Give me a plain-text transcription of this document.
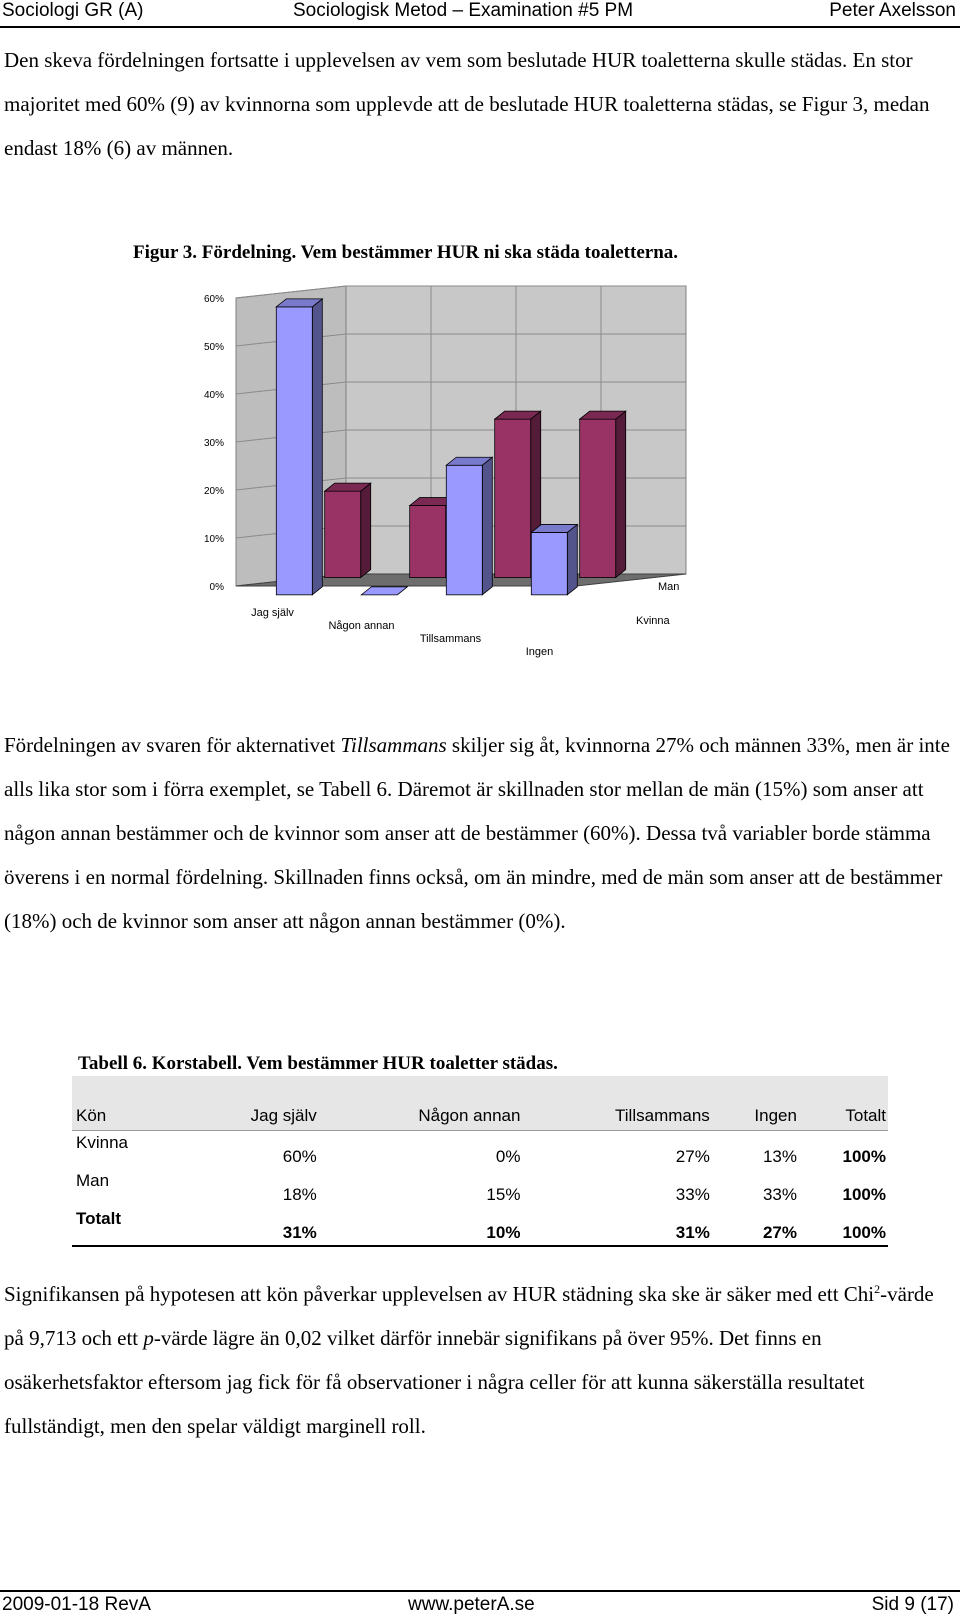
Sociologi GR (A)	Sociologisk Metod – Examination #5 PM	Peter Axelsson

Den skeva fördelningen fortsatte i upplevelsen av vem som beslutade HUR toaletterna skulle städas. En stor majoritet med 60% (9) av kvinnorna som upplevde att de beslutade HUR toaletterna städas, se Figur 3, medan endast 18% (6) av männen.

Figur 3. Fördelning. Vem bestämmer HUR ni ska städa toaletterna.
0%
10%
20%
30%
40%
50%
60%
Jag själv
Någon annan
Tillsammans
Ingen
Kvinna
Man

Fördelningen av svaren för akternativet Tillsammans skiljer sig åt, kvinnorna 27% och männen 33%, men är inte alls lika stor som i förra exemplet, se Tabell 6. Däremot är skillnaden stor mellan de män (15%) som anser att någon annan bestämmer och de kvinnor som anser att de bestämmer (60%). Dessa två variabler borde stämma överens i en normal fördelning. Skillnaden finns också, om än mindre, med de män som anser att de bestämmer (18%) och de kvinnor som anser att någon annan bestämmer (0%).

Tabell 6. Korstabell. Vem bestämmer HUR toaletter städas.
Kön	Jag själv	Någon annan	Tillsammans	Ingen	Totalt
Kvinna	60%	0%	27%	13%	100%
Man	18%	15%	33%	33%	100%
Totalt	31%	10%	31%	27%	100%

Signifikansen på hypotesen att kön påverkar upplevelsen av HUR städning ska ske är säker med ett Chi$^2$-värde på 9,713 och ett p-värde lägre än 0,02 vilket därför innebär signifikans på över 95%. Det finns en osäkerhetsfaktor eftersom jag fick för få observationer i några celler för att kunna säkerställa resultatet fullständigt, men den spelar väldigt marginell roll.

2009-01-18 RevA	www.peterA.se	Sid 9 (17)
